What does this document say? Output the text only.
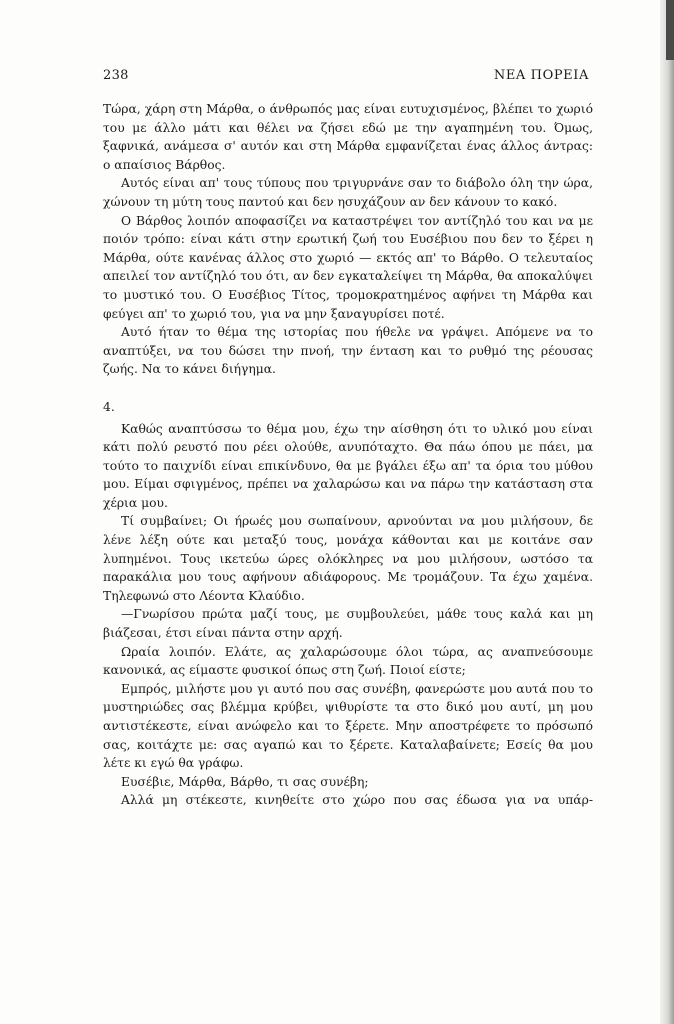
238	ΝΕΑ ΠΟΡΕΙΑ

Τώρα, χάρη στη Μάρθα, ο άνθρωπός μας είναι ευτυχισμένος, βλέπει το χωριό του με άλλο μάτι και θέλει να ζήσει εδώ με την αγαπημένη του. Όμως, ξαφνικά, ανάμεσα σ' αυτόν και στη Μάρθα εμφανίζεται ένας άλλος άντρας: ο απαίσιος Βάρθος.

Αυτός είναι απ' τους τύπους που τριγυρνάνε σαν το διάβολο όλη την ώρα, χώνουν τη μύτη τους παντού και δεν ησυχάζουν αν δεν κάνουν το κακό.

Ο Βάρθος λοιπόν αποφασίζει να καταστρέψει τον αντίζηλό του και να με ποιόν τρόπο: είναι κάτι στην ερωτική ζωή του Ευσέβιου που δεν το ξέρει η Μάρθα, ούτε κανένας άλλος στο χωριό — εκτός απ' το Βάρθο. Ο τελευταίος απειλεί τον αντίζηλό του ότι, αν δεν εγκαταλείψει τη Μάρθα, θα αποκαλύψει το μυστικό του. Ο Ευσέβιος Τίτος, τρομοκρατημένος αφήνει τη Μάρθα και φεύγει απ' το χωριό του, για να μην ξαναγυρίσει ποτέ.

Αυτό ήταν το θέμα της ιστορίας που ήθελε να γράψει. Απόμενε να το αναπτύξει, να του δώσει την πνοή, την ένταση και το ρυθμό της ρέουσας ζωής. Να το κάνει διήγημα.

4.

Καθώς αναπτύσσω το θέμα μου, έχω την αίσθηση ότι το υλικό μου είναι κάτι πολύ ρευστό που ρέει ολούθε, ανυπόταχτο. Θα πάω όπου με πάει, μα τούτο το παιχνίδι είναι επικίνδυνο, θα με βγάλει έξω απ' τα όρια του μύθου μου. Είμαι σφιγμένος, πρέπει να χαλαρώσω και να πάρω την κατάσταση στα χέρια μου.

Τί συμβαίνει; Οι ήρωές μου σωπαίνουν, αρνούνται να μου μιλήσουν, δε λένε λέξη ούτε και μεταξύ τους, μονάχα κάθονται και με κοιτάνε σαν λυπημένοι. Τους ικετεύω ώρες ολόκληρες να μου μιλήσουν, ωστόσο τα παρακάλια μου τους αφήνουν αδιάφορους. Με τρομάζουν. Τα έχω χαμένα. Τηλεφωνώ στο Λέοντα Κλαύδιο.

—Γνωρίσου πρώτα μαζί τους, με συμβουλεύει, μάθε τους καλά και μη βιάζεσαι, έτσι είναι πάντα στην αρχή.

Ωραία λοιπόν. Ελάτε, ας χαλαρώσουμε όλοι τώρα, ας αναπνεύσουμε κανονικά, ας είμαστε φυσικοί όπως στη ζωή. Ποιοί είστε;

Εμπρός, μιλήστε μου γι αυτό που σας συνέβη, φανερώστε μου αυτά που το μυστηριώδες σας βλέμμα κρύβει, ψιθυρίστε τα στο δικό μου αυτί, μη μου αντιστέκεστε, είναι ανώφελο και το ξέρετε. Μην αποστρέφετε το πρόσωπό σας, κοιτάχτε με: σας αγαπώ και το ξέρετε. Καταλαβαίνετε; Εσείς θα μου λέτε κι εγώ θα γράφω.

Ευσέβιε, Μάρθα, Βάρθο, τι σας συνέβη;

Αλλά μη στέκεστε, κινηθείτε στο χώρο που σας έδωσα για να υπάρ-
